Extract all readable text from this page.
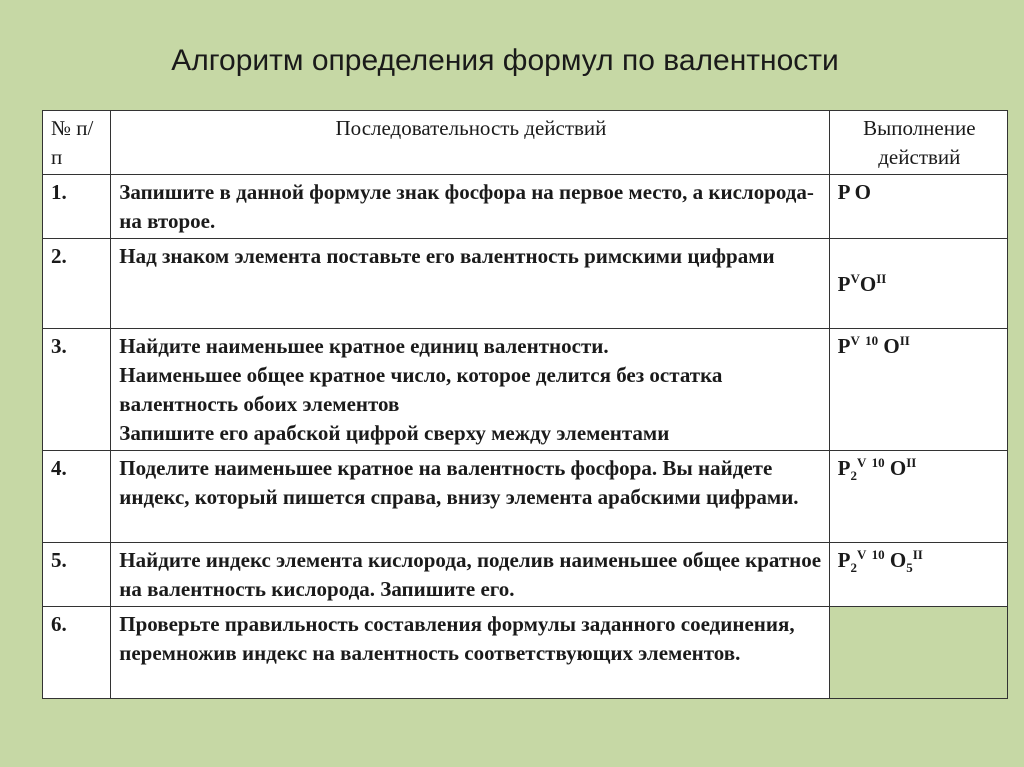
Алгоритм определения формул по валентности
№ п/п	Последовательность действий	Выполнение действий
1.	Запишите в данной формуле знак фосфора на первое место, а кислорода- на второе.	P O
2.	Над знаком элемента поставьте его валентность римскими цифрами	$P^VO^{II}$
3.	Найдите наименьшее кратное единиц валентности.
Наименьшее общее кратное число, которое делится без остатка валентность обоих элементов
Запишите его арабской цифрой сверху между элементами	$P^V$ $^{10}$ $O^{II}$
4.	Поделите наименьшее кратное на валентность фосфора. Вы найдете индекс, который пишется справа, внизу элемента арабскими цифрами.	$P_2^V$ $^{10}$ $O^{II}$
5.	Найдите индекс элемента кислорода, поделив наименьшее общее кратное на валентность кислорода. Запишите его.	$P_2^V$ $^{10}$ $O_5^{II}$
6.	Проверьте правильность составления формулы заданного соединения, перемножив индекс на валентность соответствующих элементов.	
